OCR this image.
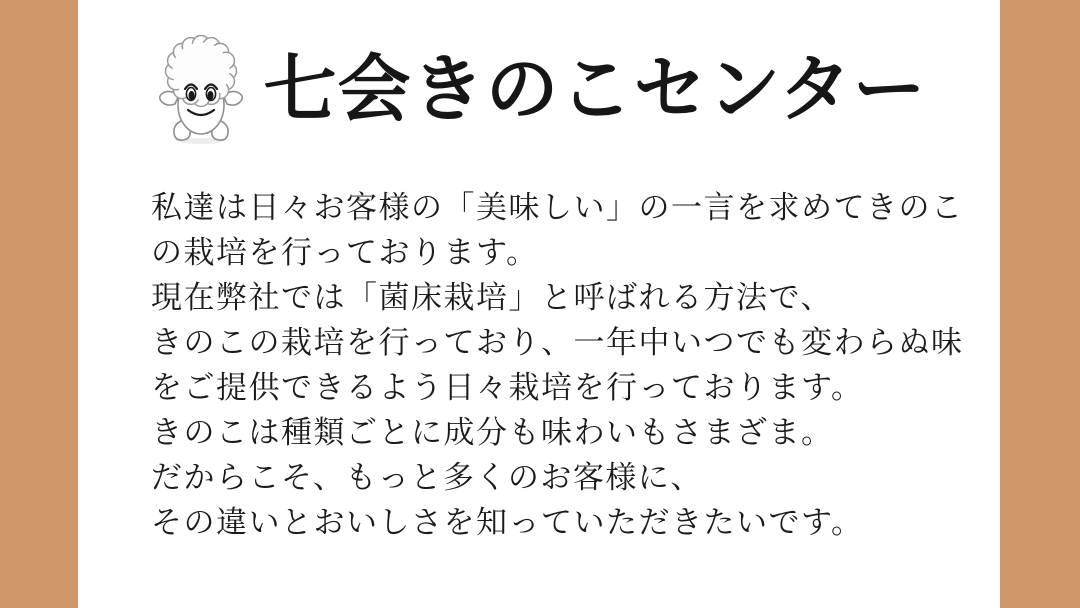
七会きのこセンター
私達は日々お客様の「美味しい」の一言を求めてきのこ
の栽培を行っております。
現在弊社では「菌床栽培」と呼ばれる方法で、
きのこの栽培を行っており、一年中いつでも変わらぬ味
をご提供できるよう日々栽培を行っております。
きのこは種類ごとに成分も味わいもさまざま。
だからこそ、もっと多くのお客様に、
その違いとおいしさを知っていただきたいです。
